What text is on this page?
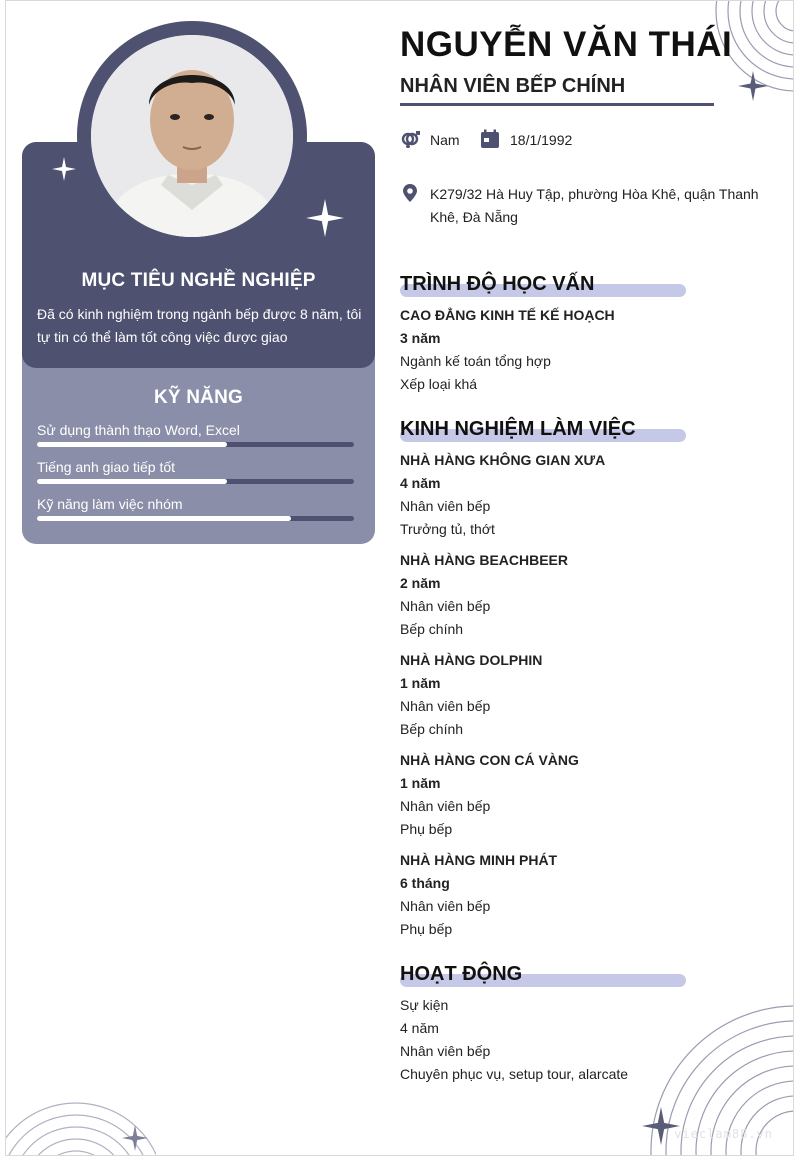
MỤC TIÊU NGHỀ NGHIỆP
Đã có kinh nghiệm trong ngành bếp được 8 năm, tôi tự tin có thể làm tốt công việc được giao
KỸ NĂNG
Sử dụng thành thạo Word, Excel
Tiếng anh giao tiếp tốt
Kỹ năng làm việc nhóm
NGUYỄN VĂN THÁI
NHÂN VIÊN BẾP CHÍNH
Nam	18/1/1992
K279/32 Hà Huy Tập, phường Hòa Khê, quận Thanh Khê, Đà Nẵng
TRÌNH ĐỘ HỌC VẤN
CAO ĐẲNG KINH TẾ KẾ HOẠCH
3 năm
Ngành kế toán tổng hợp
Xếp loại khá
KINH NGHIỆM LÀM VIỆC
NHÀ HÀNG KHÔNG GIAN XƯA
4 năm
Nhân viên bếp
Trưởng tủ, thớt
NHÀ HÀNG BEACHBEER
2 năm
Nhân viên bếp
Bếp chính
NHÀ HÀNG DOLPHIN
1 năm
Nhân viên bếp
Bếp chính
NHÀ HÀNG CON CÁ VÀNG
1 năm
Nhân viên bếp
Phụ bếp
NHÀ HÀNG MINH PHÁT
6 tháng
Nhân viên bếp
Phụ bếp
HOẠT ĐỘNG
Sự kiện
4 năm
Nhân viên bếp
Chuyên phục vụ, setup tour, alarcate
vieclam88.vn
